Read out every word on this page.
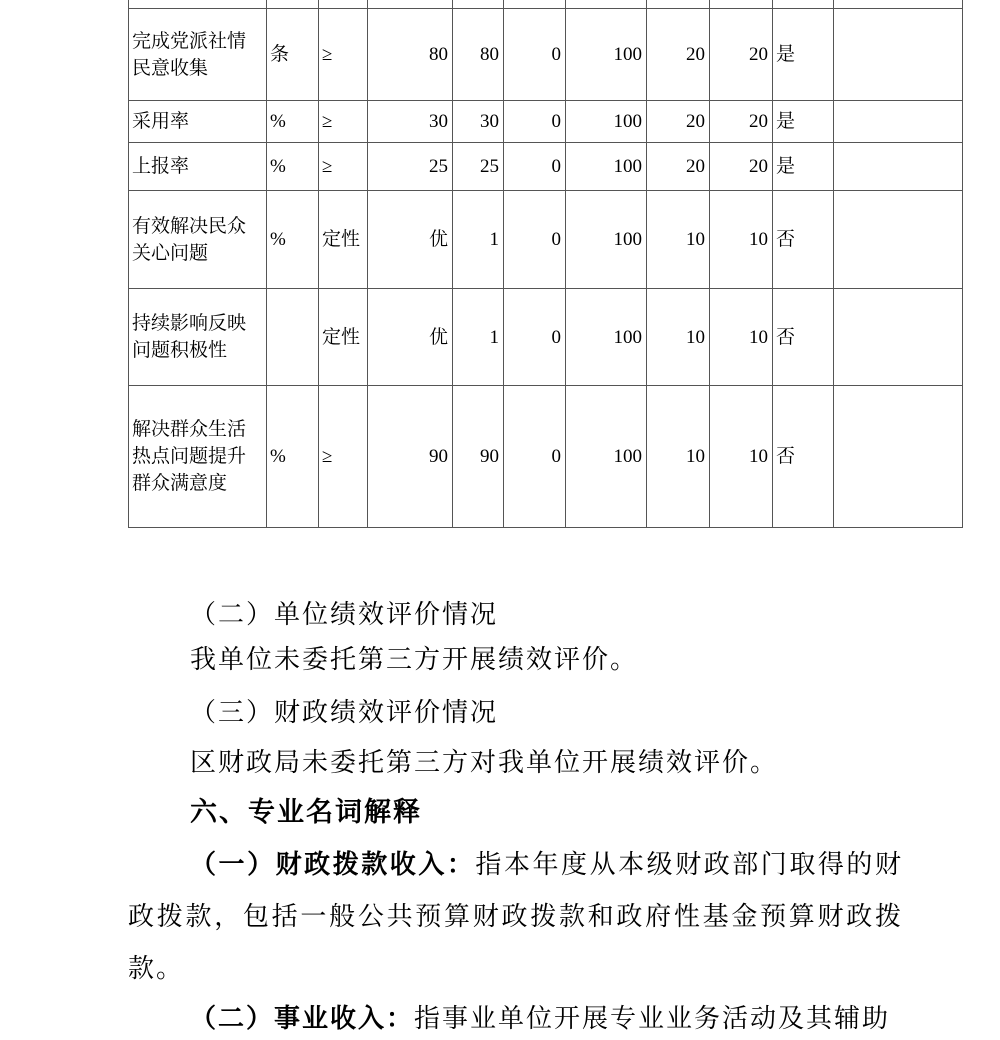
完成党派社情民意收集	条	≥	80	80	0	100	20	20	是	
采用率	%	≥	30	30	0	100	20	20	是	
上报率	%	≥	25	25	0	100	20	20	是	
有效解决民众关心问题	%	定性	优	1	0	100	10	10	否	
持续影响反映问题积极性		定性	优	1	0	100	10	10	否	
解决群众生活热点问题提升群众满意度	%	≥	90	90	0	100	10	10	否	

（二）单位绩效评价情况

我单位未委托第三方开展绩效评价。

（三）财政绩效评价情况

区财政局未委托第三方对我单位开展绩效评价。

六、专业名词解释

（一）财政拨款收入：指本年度从本级财政部门取得的财政拨款，包括一般公共预算财政拨款和政府性基金预算财政拨款。

（二）事业收入：指事业单位开展专业业务活动及其辅助
